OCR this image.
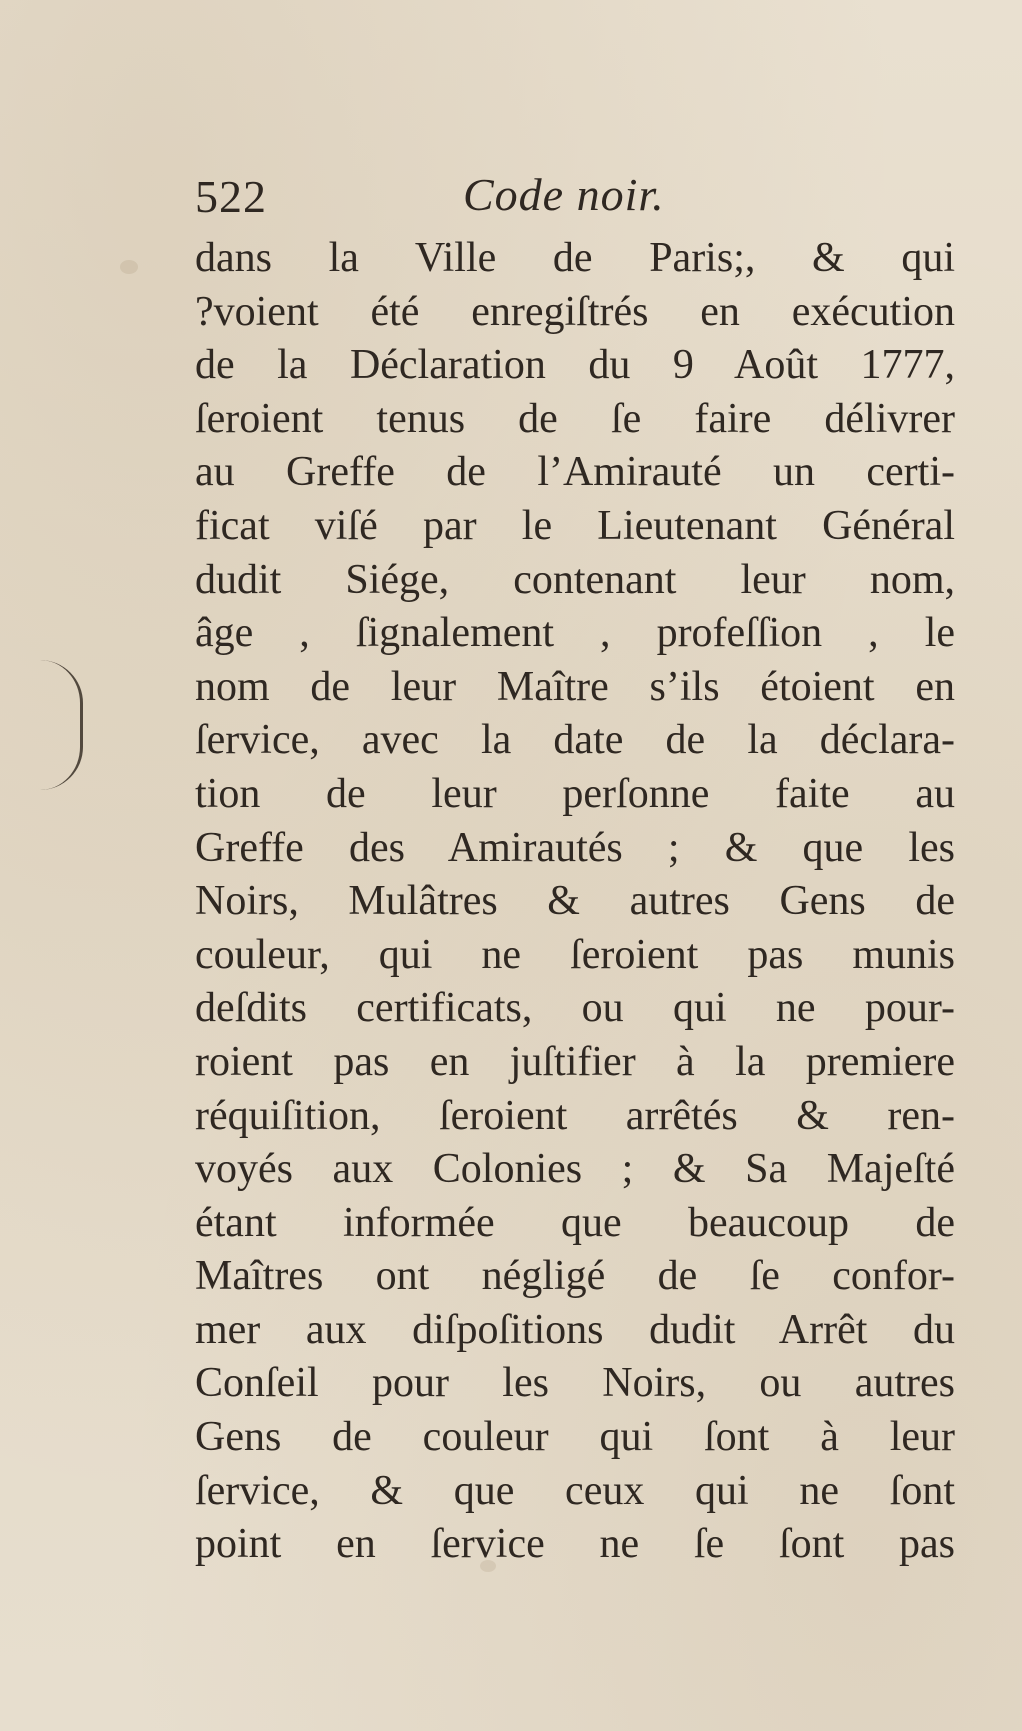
522	Code noir.
dans la Ville de Paris;, & qui
?voient été enregiſtrés en exécution
de la Déclaration du 9 Août 1777,
ſeroient tenus de ſe faire délivrer
au Greffe de l’Amirauté un certi-
ficat viſé par le Lieutenant Général
dudit Siége, contenant leur nom,
âge , ſignalement , profeſſion , le
nom de leur Maître s’ils étoient en
ſervice, avec la date de la déclara-
tion de leur perſonne faite au
Greffe des Amirautés ; & que les
Noirs, Mulâtres & autres Gens de
couleur, qui ne ſeroient pas munis
deſdits certificats, ou qui ne pour-
roient pas en juſtifier à la premiere
réquiſition, ſeroient arrêtés & ren-
voyés aux Colonies ; & Sa Majeſté
étant informée que beaucoup de
Maîtres ont négligé de ſe confor-
mer aux diſpoſitions dudit Arrêt du
Conſeil pour les Noirs, ou autres
Gens de couleur qui ſont à leur
ſervice, & que ceux qui ne ſont
point en ſervice ne ſe ſont pas
